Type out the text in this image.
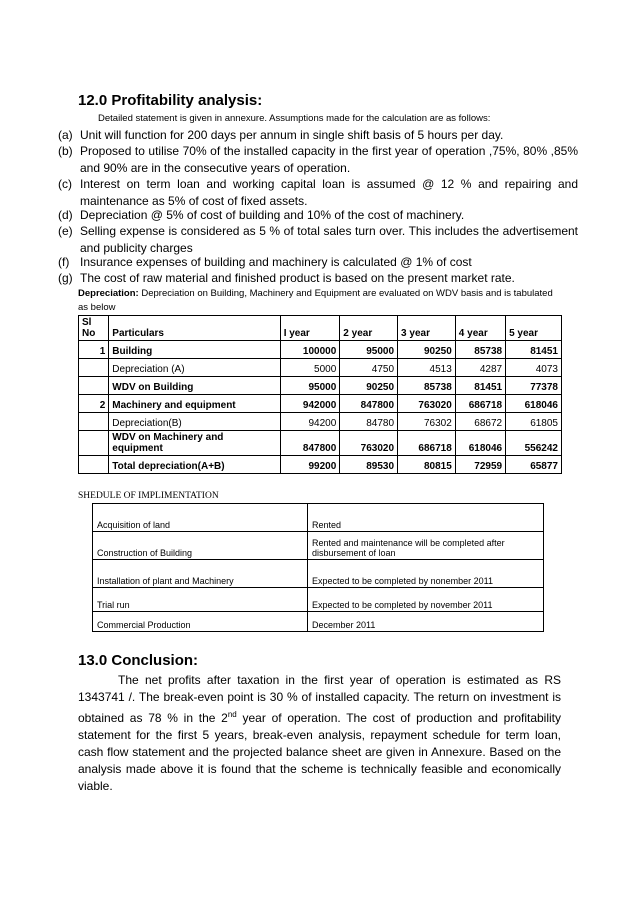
12.0 Profitability analysis:
Detailed statement is given in annexure. Assumptions made for the calculation are as follows:
(a) Unit will function for 200 days per annum in single shift basis of 5 hours per day.
(b) Proposed to utilise 70% of the installed capacity in the first year of operation ,75%, 80% ,85% and 90% are in the consecutive years of operation.
(c) Interest on term loan and working capital loan is assumed @ 12 % and repairing and maintenance as 5% of cost of fixed assets.
(d) Depreciation @ 5% of cost of building and 10% of the cost of machinery.
(e) Selling expense is considered as 5 % of total sales turn over. This includes the advertisement and publicity charges
(f) Insurance expenses of building and machinery is calculated @ 1% of cost
(g) The cost of raw material and finished product is based on the present market rate.
Depreciation: Depreciation on Building, Machinery and Equipment are evaluated on WDV basis and is tabulated as below
Sl No	Particulars	I year	2 year	3 year	4 year	5 year
1	Building	100000	95000	90250	85738	81451
	Depreciation (A)	5000	4750	4513	4287	4073
	WDV on Building	95000	90250	85738	81451	77378
2	Machinery and equipment	942000	847800	763020	686718	618046
	Depreciation(B)	94200	84780	76302	68672	61805
	WDV on Machinery and equipment	847800	763020	686718	618046	556242
	Total depreciation(A+B)	99200	89530	80815	72959	65877
SHEDULE OF IMPLIMENTATION
Acquisition of land	Rented
Construction of Building	Rented and maintenance will be completed after disbursement of loan
Installation of plant and Machinery	Expected to be completed by nonember 2011
Trial run	Expected to be completed by november 2011
Commercial Production	December 2011
13.0 Conclusion:
The net profits after taxation in the first year of operation is estimated as RS 1343741 /. The break-even point is 30 % of installed capacity. The return on investment is obtained as 78 % in the 2nd year of operation. The cost of production and profitability statement for the first 5 years, break-even analysis, repayment schedule for term loan, cash flow statement and the projected balance sheet are given in Annexure. Based on the analysis made above it is found that the scheme is technically feasible and economically viable.
